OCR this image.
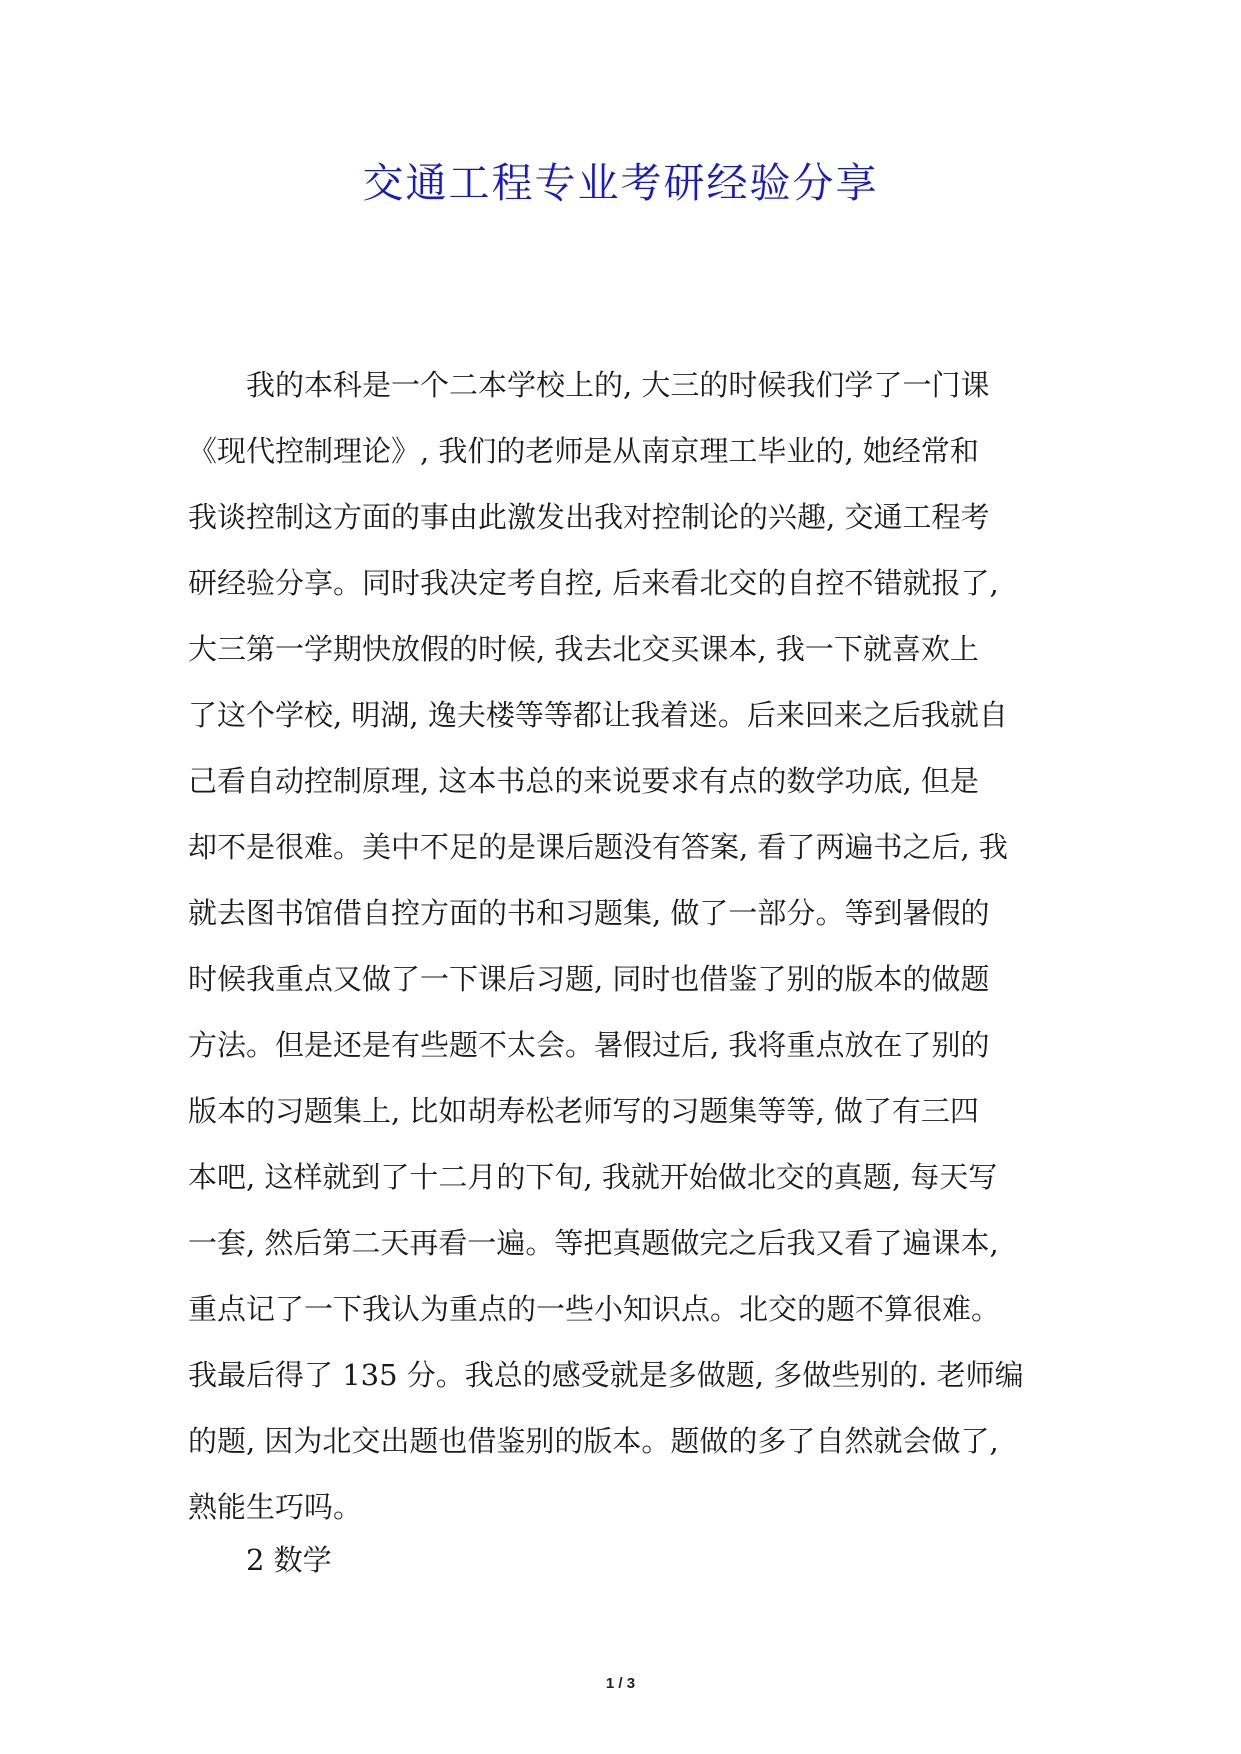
交通工程专业考研经验分享
我的本科是一个二本学校上的, 大三的时候我们学了一门课
《现代控制理论》, 我们的老师是从南京理工毕业的, 她经常和
我谈控制这方面的事由此激发出我对控制论的兴趣, 交通工程考
研经验分享。同时我决定考自控, 后来看北交的自控不错就报了,
大三第一学期快放假的时候, 我去北交买课本, 我一下就喜欢上
了这个学校, 明湖, 逸夫楼等等都让我着迷。后来回来之后我就自
己看自动控制原理, 这本书总的来说要求有点的数学功底, 但是
却不是很难。美中不足的是课后题没有答案, 看了两遍书之后, 我
就去图书馆借自控方面的书和习题集, 做了一部分。等到暑假的
时候我重点又做了一下课后习题, 同时也借鉴了别的版本的做题
方法。但是还是有些题不太会。暑假过后, 我将重点放在了别的
版本的习题集上, 比如胡寿松老师写的习题集等等, 做了有三四
本吧, 这样就到了十二月的下旬, 我就开始做北交的真题, 每天写
一套, 然后第二天再看一遍。等把真题做完之后我又看了遍课本,
重点记了一下我认为重点的一些小知识点。北交的题不算很难。
我最后得了 135 分。我总的感受就是多做题, 多做些别的. 老师编
的题, 因为北交出题也借鉴别的版本。题做的多了自然就会做了,
熟能生巧吗。

2 数学

1 / 3
